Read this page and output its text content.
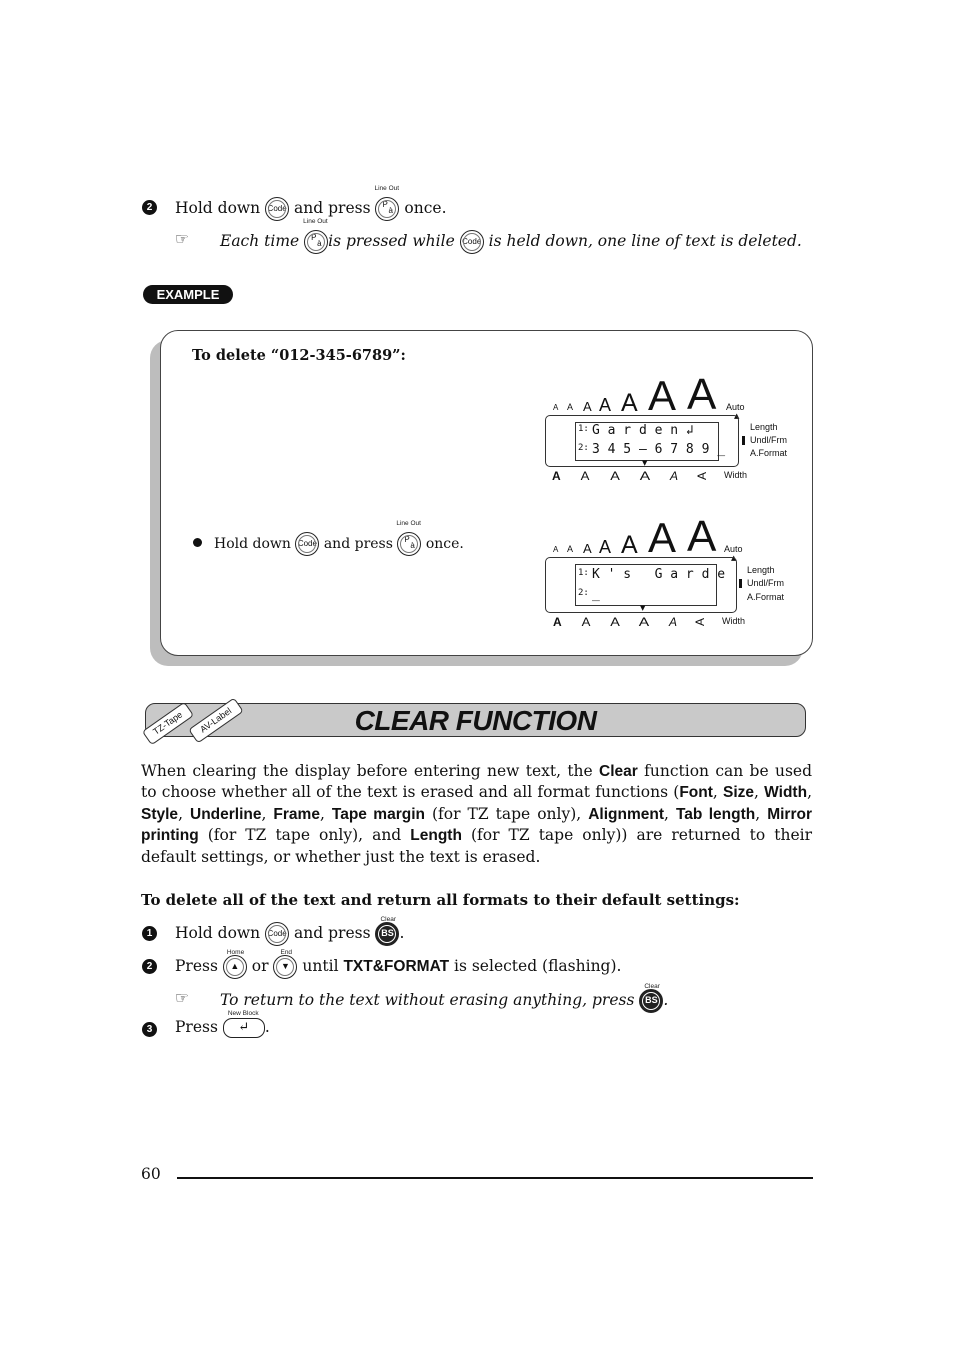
2	Hold down Code and press
Line Out
P
à once.
☞ Each time
Line Out
P
à is pressed while Code is held down, one line of text is deleted.
EXAMPLE
To delete “012-345-6789”:
Hold down Code and press
Line Out
P
à once.
A A A A A A A Auto
▲
1: G a r d e n ↲
2: 3 4 5 – 6 7 8 9 _
▼
Length
Undl/Frm
A.Format
A A A A A A Width
A A A A A A A Auto
▲
1: K ' s   G a r d e
2: _
▼
Length
Undl/Frm
A.Format
A A A A A A Width
CLEAR FUNCTION
TZ-Tape	AV-Label
When clearing the display before entering new text, the Clear function can be used to choose whether all of the text is erased and all format functions (Font, Size, Width, Style, Underline, Frame, Tape margin (for TZ tape only), Alignment, Tab length, Mirror printing (for TZ tape only), and Length (for TZ tape only)) are returned to their default settings, or whether just the text is erased.
To delete all of the text and return all formats to their default settings:
1	Hold down Code and press
Clear
BS .
2	Press
Home
▲ or
End
▼ until TXT&FORMAT is selected (flashing).
☞ To return to the text without erasing anything, press
Clear
BS .
3	Press
New Block
↵ .
60
